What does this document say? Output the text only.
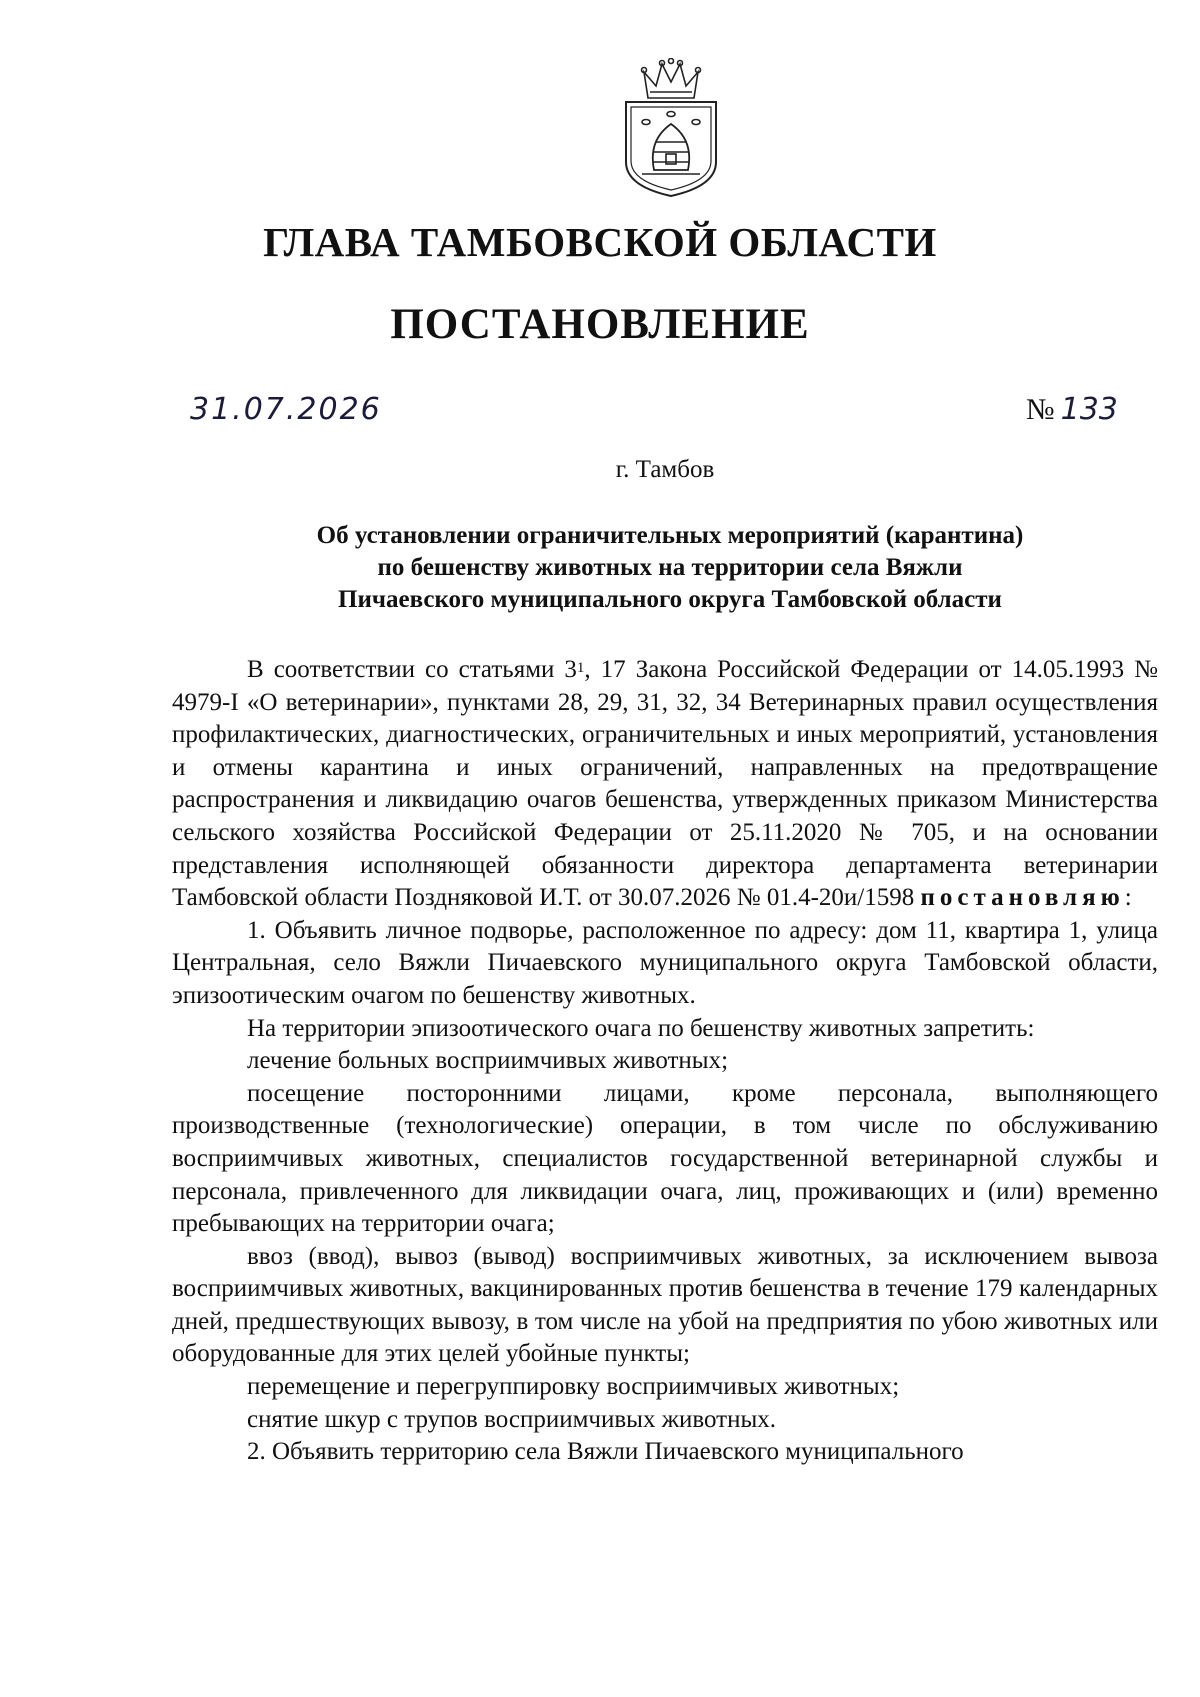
ГЛАВА ТАМБОВСКОЙ ОБЛАСТИ
ПОСТАНОВЛЕНИЕ
31.07.2026	№ 133
г. Тамбов
Об установлении ограничительных мероприятий (карантина)
по бешенству животных на территории села Вяжли
Пичаевского муниципального округа Тамбовской области

В соответствии со статьями $3^1$, 17 Закона Российской Федерации от 14.05.1993 № 4979-I «О ветеринарии», пунктами 28, 29, 31, 32, 34 Ветеринарных правил осуществления профилактических, диагностических, ограничительных и иных мероприятий, установления и отмены карантина и иных ограничений, направленных на предотвращение распространения и ликвидацию очагов бешенства, утвержденных приказом Министерства сельского хозяйства Российской Федерации от 25.11.2020 № 705, и на основании представления исполняющей обязанности директора департамента ветеринарии Тамбовской области Поздняковой И.Т. от 30.07.2026 № 01.4-20и/1598 постановляю:

1. Объявить личное подворье, расположенное по адресу: дом 11, квартира 1, улица Центральная, село Вяжли Пичаевского муниципального округа Тамбовской области, эпизоотическим очагом по бешенству животных.

На территории эпизоотического очага по бешенству животных запретить:

лечение больных восприимчивых животных;

посещение посторонними лицами, кроме персонала, выполняющего производственные (технологические) операции, в том числе по обслуживанию восприимчивых животных, специалистов государственной ветеринарной службы и персонала, привлеченного для ликвидации очага, лиц, проживающих и (или) временно пребывающих на территории очага;

ввоз (ввод), вывоз (вывод) восприимчивых животных, за исключением вывоза восприимчивых животных, вакцинированных против бешенства в течение 179 календарных дней, предшествующих вывозу, в том числе на убой на предприятия по убою животных или оборудованные для этих целей убойные пункты;

перемещение и перегруппировку восприимчивых животных;

снятие шкур с трупов восприимчивых животных.

2. Объявить территорию села Вяжли Пичаевского муниципального
